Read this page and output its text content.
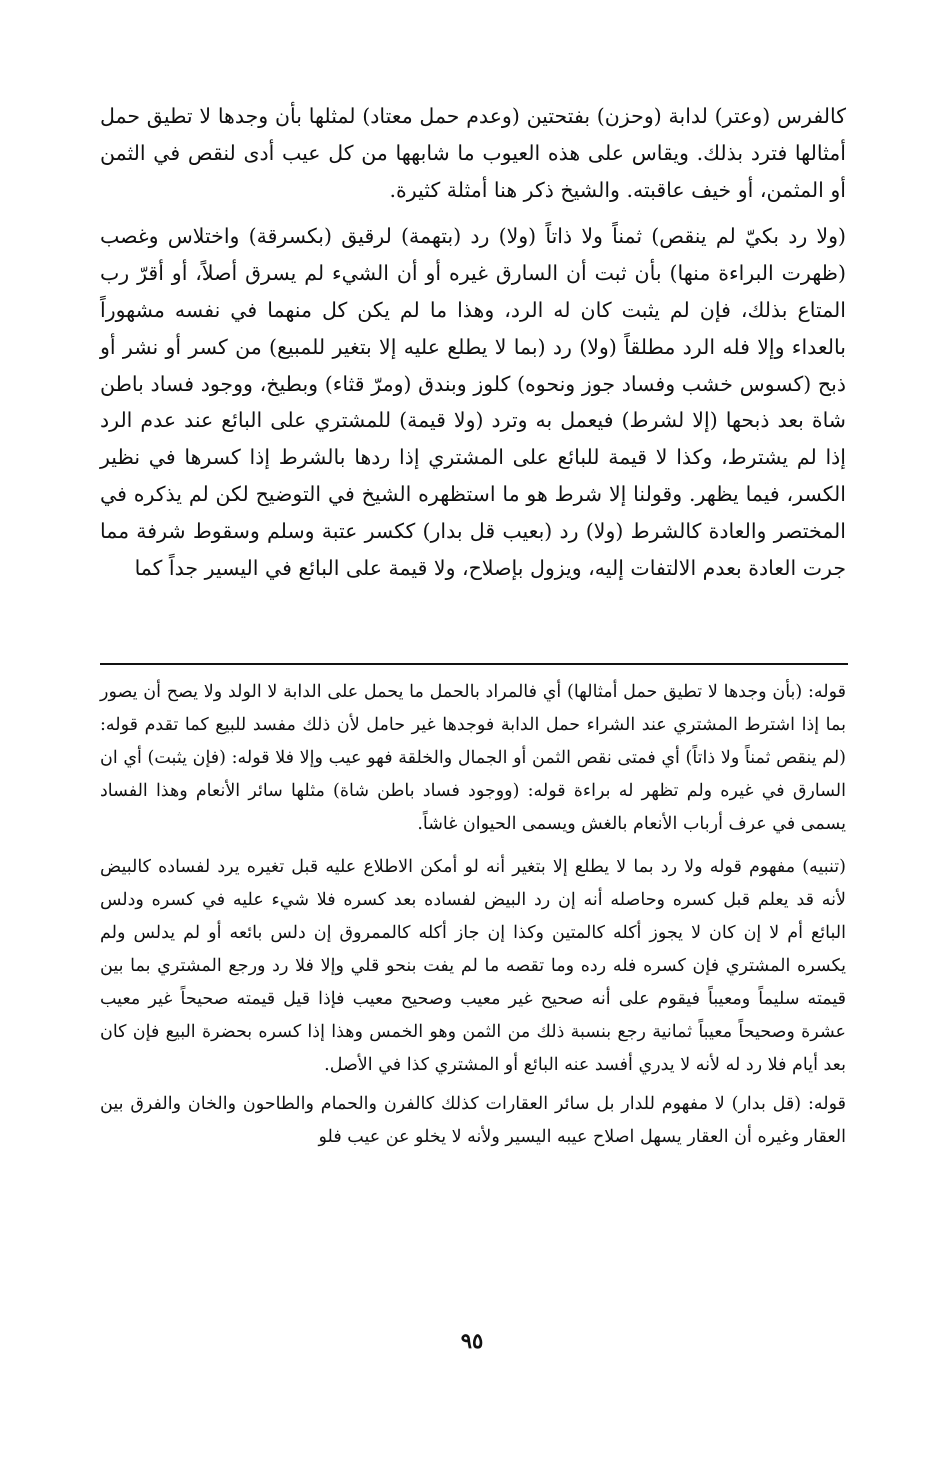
كالفرس (وعتر) لدابة (وحزن) بفتحتين (وعدم حمل معتاد) لمثلها بأن وجدها لا تطيق حمل أمثالها فترد بذلك. ويقاس على هذه العيوب ما شابهها من كل عيب أدى لنقص في الثمن أو المثمن، أو خيف عاقبته. والشيخ ذكر هنا أمثلة كثيرة.

(ولا رد بكيّ لم ينقص) ثمناً ولا ذاتاً (ولا) رد (بتهمة) لرقيق (بكسرقة) واختلاس وغصب (ظهرت البراءة منها) بأن ثبت أن السارق غيره أو أن الشيء لم يسرق أصلاً، أو أقرّ رب المتاع بذلك، فإن لم يثبت كان له الرد، وهذا ما لم يكن كل منهما في نفسه مشهوراً بالعداء وإلا فله الرد مطلقاً (ولا) رد (بما لا يطلع عليه إلا بتغير للمبيع) من كسر أو نشر أو ذبح (كسوس خشب وفساد جوز ونحوه) كلوز وبندق (ومرّ قثاء) وبطيخ، ووجود فساد باطن شاة بعد ذبحها (إلا لشرط) فيعمل به وترد (ولا قيمة) للمشتري على البائع عند عدم الرد إذا لم يشترط، وكذا لا قيمة للبائع على المشتري إذا ردها بالشرط إذا كسرها في نظير الكسر، فيما يظهر. وقولنا إلا شرط هو ما استظهره الشيخ في التوضيح لكن لم يذكره في المختصر والعادة كالشرط (ولا) رد (بعيب قل بدار) ككسر عتبة وسلم وسقوط شرفة مما جرت العادة بعدم الالتفات إليه، ويزول بإصلاح، ولا قيمة على البائع في اليسير جداً كما

قوله: (بأن وجدها لا تطيق حمل أمثالها) أي فالمراد بالحمل ما يحمل على الدابة لا الولد ولا يصح أن يصور بما إذا اشترط المشتري عند الشراء حمل الدابة فوجدها غير حامل لأن ذلك مفسد للبيع كما تقدم قوله: (لم ينقص ثمناً ولا ذاتاً) أي فمتى نقص الثمن أو الجمال والخلقة فهو عيب وإلا فلا قوله: (فإن يثبت) أي ان السارق في غيره ولم تظهر له براءة قوله: (ووجود فساد باطن شاة) مثلها سائر الأنعام وهذا الفساد يسمى في عرف أرباب الأنعام بالغش ويسمى الحيوان غاشاً.

(تنبيه) مفهوم قوله ولا رد بما لا يطلع إلا بتغير أنه لو أمكن الاطلاع عليه قبل تغيره يرد لفساده كالبيض لأنه قد يعلم قبل كسره وحاصله أنه إن رد البيض لفساده بعد كسره فلا شيء عليه في كسره ودلس البائع أم لا إن كان لا يجوز أكله كالمتين وكذا إن جاز أكله كالممروق إن دلس بائعه أو لم يدلس ولم يكسره المشتري فإن كسره فله رده وما تقصه ما لم يفت بنحو قلي وإلا فلا رد ورجع المشتري بما بين قيمته سليماً ومعيباً فيقوم على أنه صحيح غير معيب وصحيح معيب فإذا قيل قيمته صحيحاً غير معيب عشرة وصحيحاً معيباً ثمانية رجع بنسبة ذلك من الثمن وهو الخمس وهذا إذا كسره بحضرة البيع فإن كان بعد أيام فلا رد له لأنه لا يدري أفسد عنه البائع أو المشتري كذا في الأصل.

قوله: (قل بدار) لا مفهوم للدار بل سائر العقارات كذلك كالفرن والحمام والطاحون والخان والفرق بين العقار وغيره أن العقار يسهل اصلاح عيبه اليسير ولأنه لا يخلو عن عيب فلو

٩٥
